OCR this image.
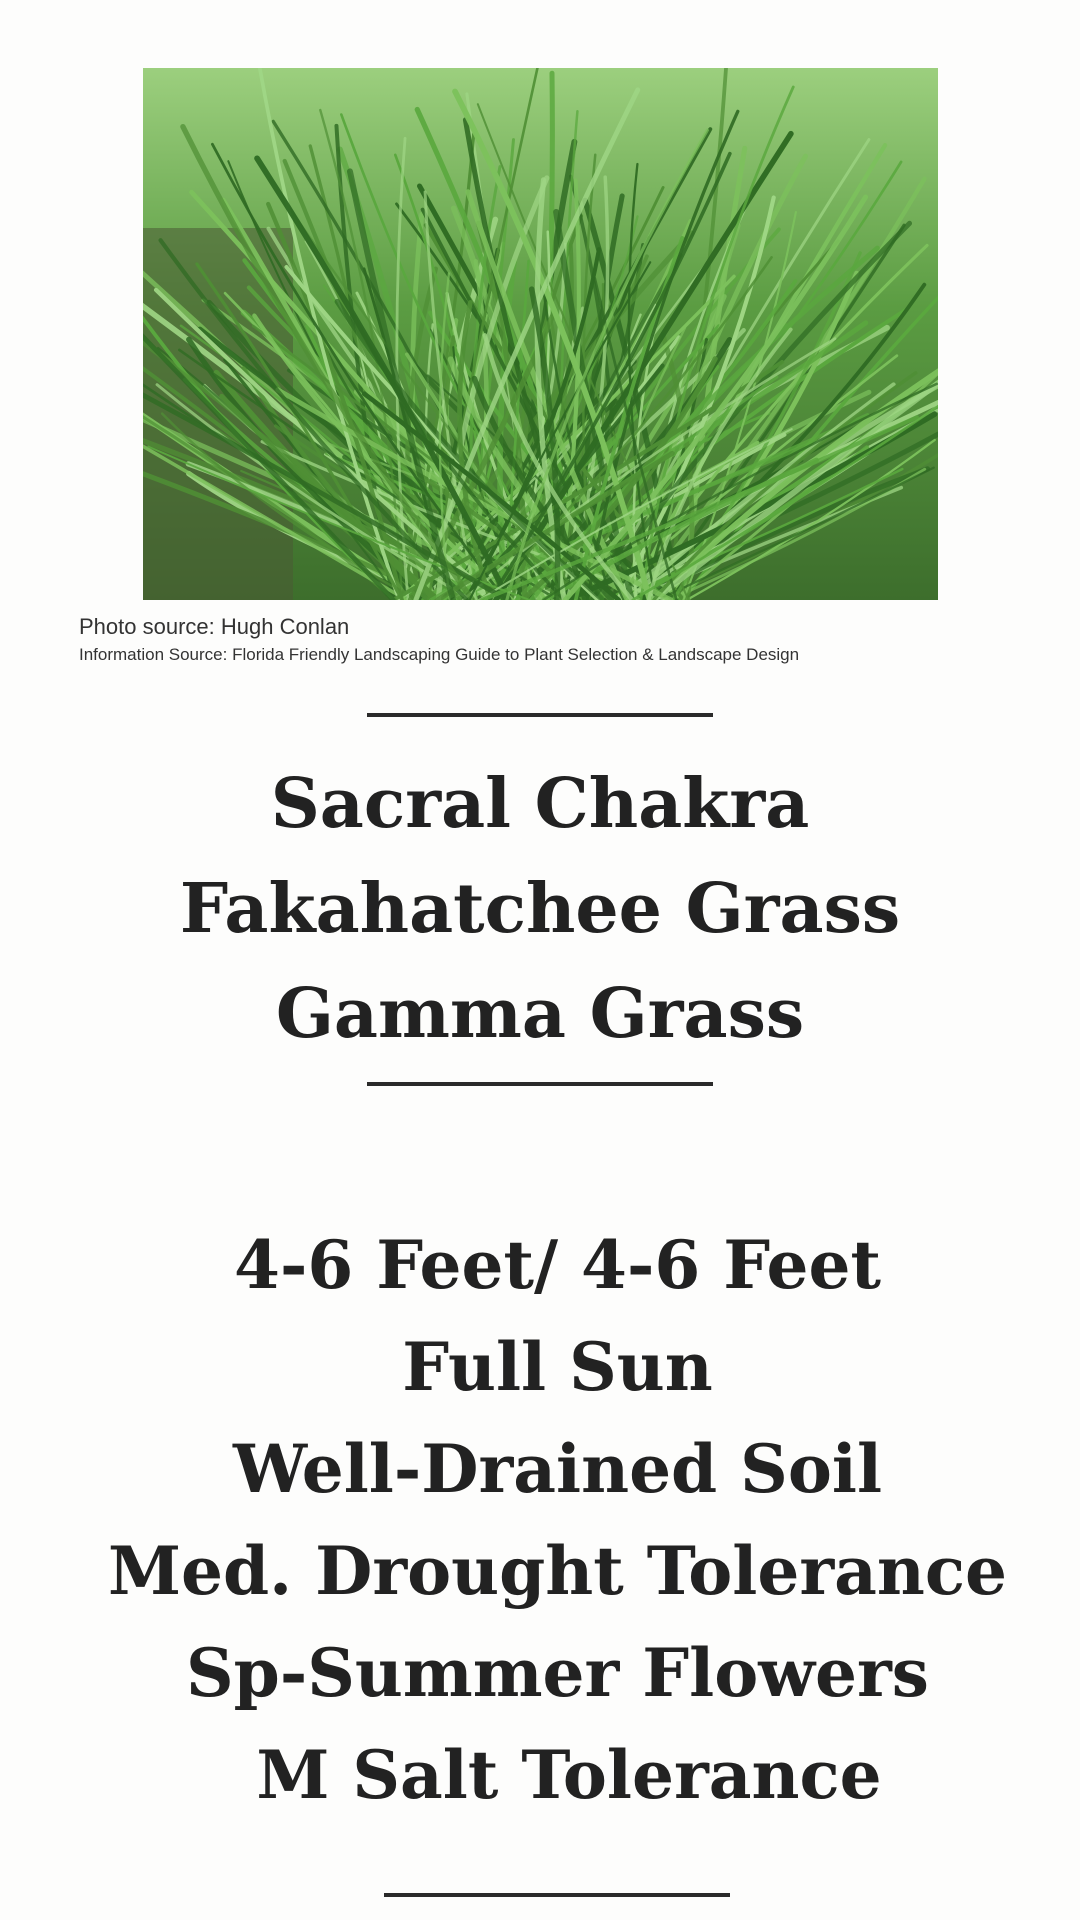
Photo source: Hugh Conlan

Information Source: Florida Friendly Landscaping Guide to Plant Selection & Landscape Design

Sacral Chakra
Fakahatchee Grass
Gamma Grass
4-6 Feet/ 4-6 Feet
Full Sun
Well-Drained Soil
Med. Drought Tolerance
Sp-Summer Flowers
M Salt Tolerance
